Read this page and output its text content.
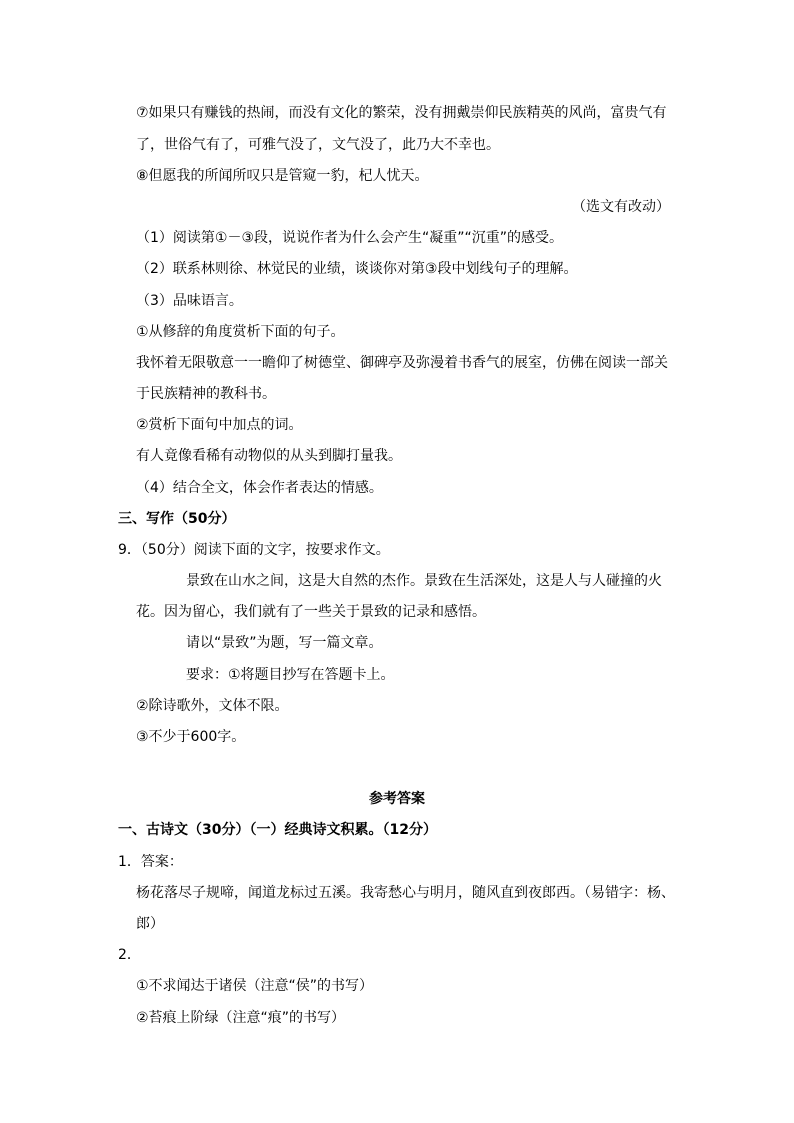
⑦如果只有赚钱的热闹，而没有文化的繁荣，没有拥戴崇仰民族精英的风尚，富贵气有
了，世俗气有了，可雅气没了，文气没了，此乃大不幸也。
⑧但愿我的所闻所叹只是管窥一豹，杞人忧天。
（选文有改动）
（1）阅读第①－③段，说说作者为什么会产生“凝重”“沉重”的感受。
（2）联系林则徐、林觉民的业绩，谈谈你对第③段中划线句子的理解。
（3）品味语言。
①从修辞的角度赏析下面的句子。
我怀着无限敬意一一瞻仰了树德堂、御碑亭及弥漫着书香气的展室，仿佛在阅读一部关
于民族精神的教科书。
②赏析下面句中加点的词。
有人竟像看稀有动物似的从头到脚打量我。
（4）结合全文，体会作者表达的情感。
三、写作（50分）
9．（50分）阅读下面的文字，按要求作文。
景致在山水之间，这是大自然的杰作。景致在生活深处，这是人与人碰撞的火
花。因为留心，我们就有了一些关于景致的记录和感悟。
请以“景致”为题，写一篇文章。
要求：①将题目抄写在答题卡上。
②除诗歌外，文体不限。
③不少于600字。
参考答案
一、古诗文（30分）（一）经典诗文积累。（12分）
1．答案：
杨花落尽子规啼，闻道龙标过五溪。我寄愁心与明月，随风直到夜郎西。（易错字：杨、
郎）
2．
①不求闻达于诸侯（注意“侯”的书写）
②苔痕上阶绿（注意“痕”的书写）
